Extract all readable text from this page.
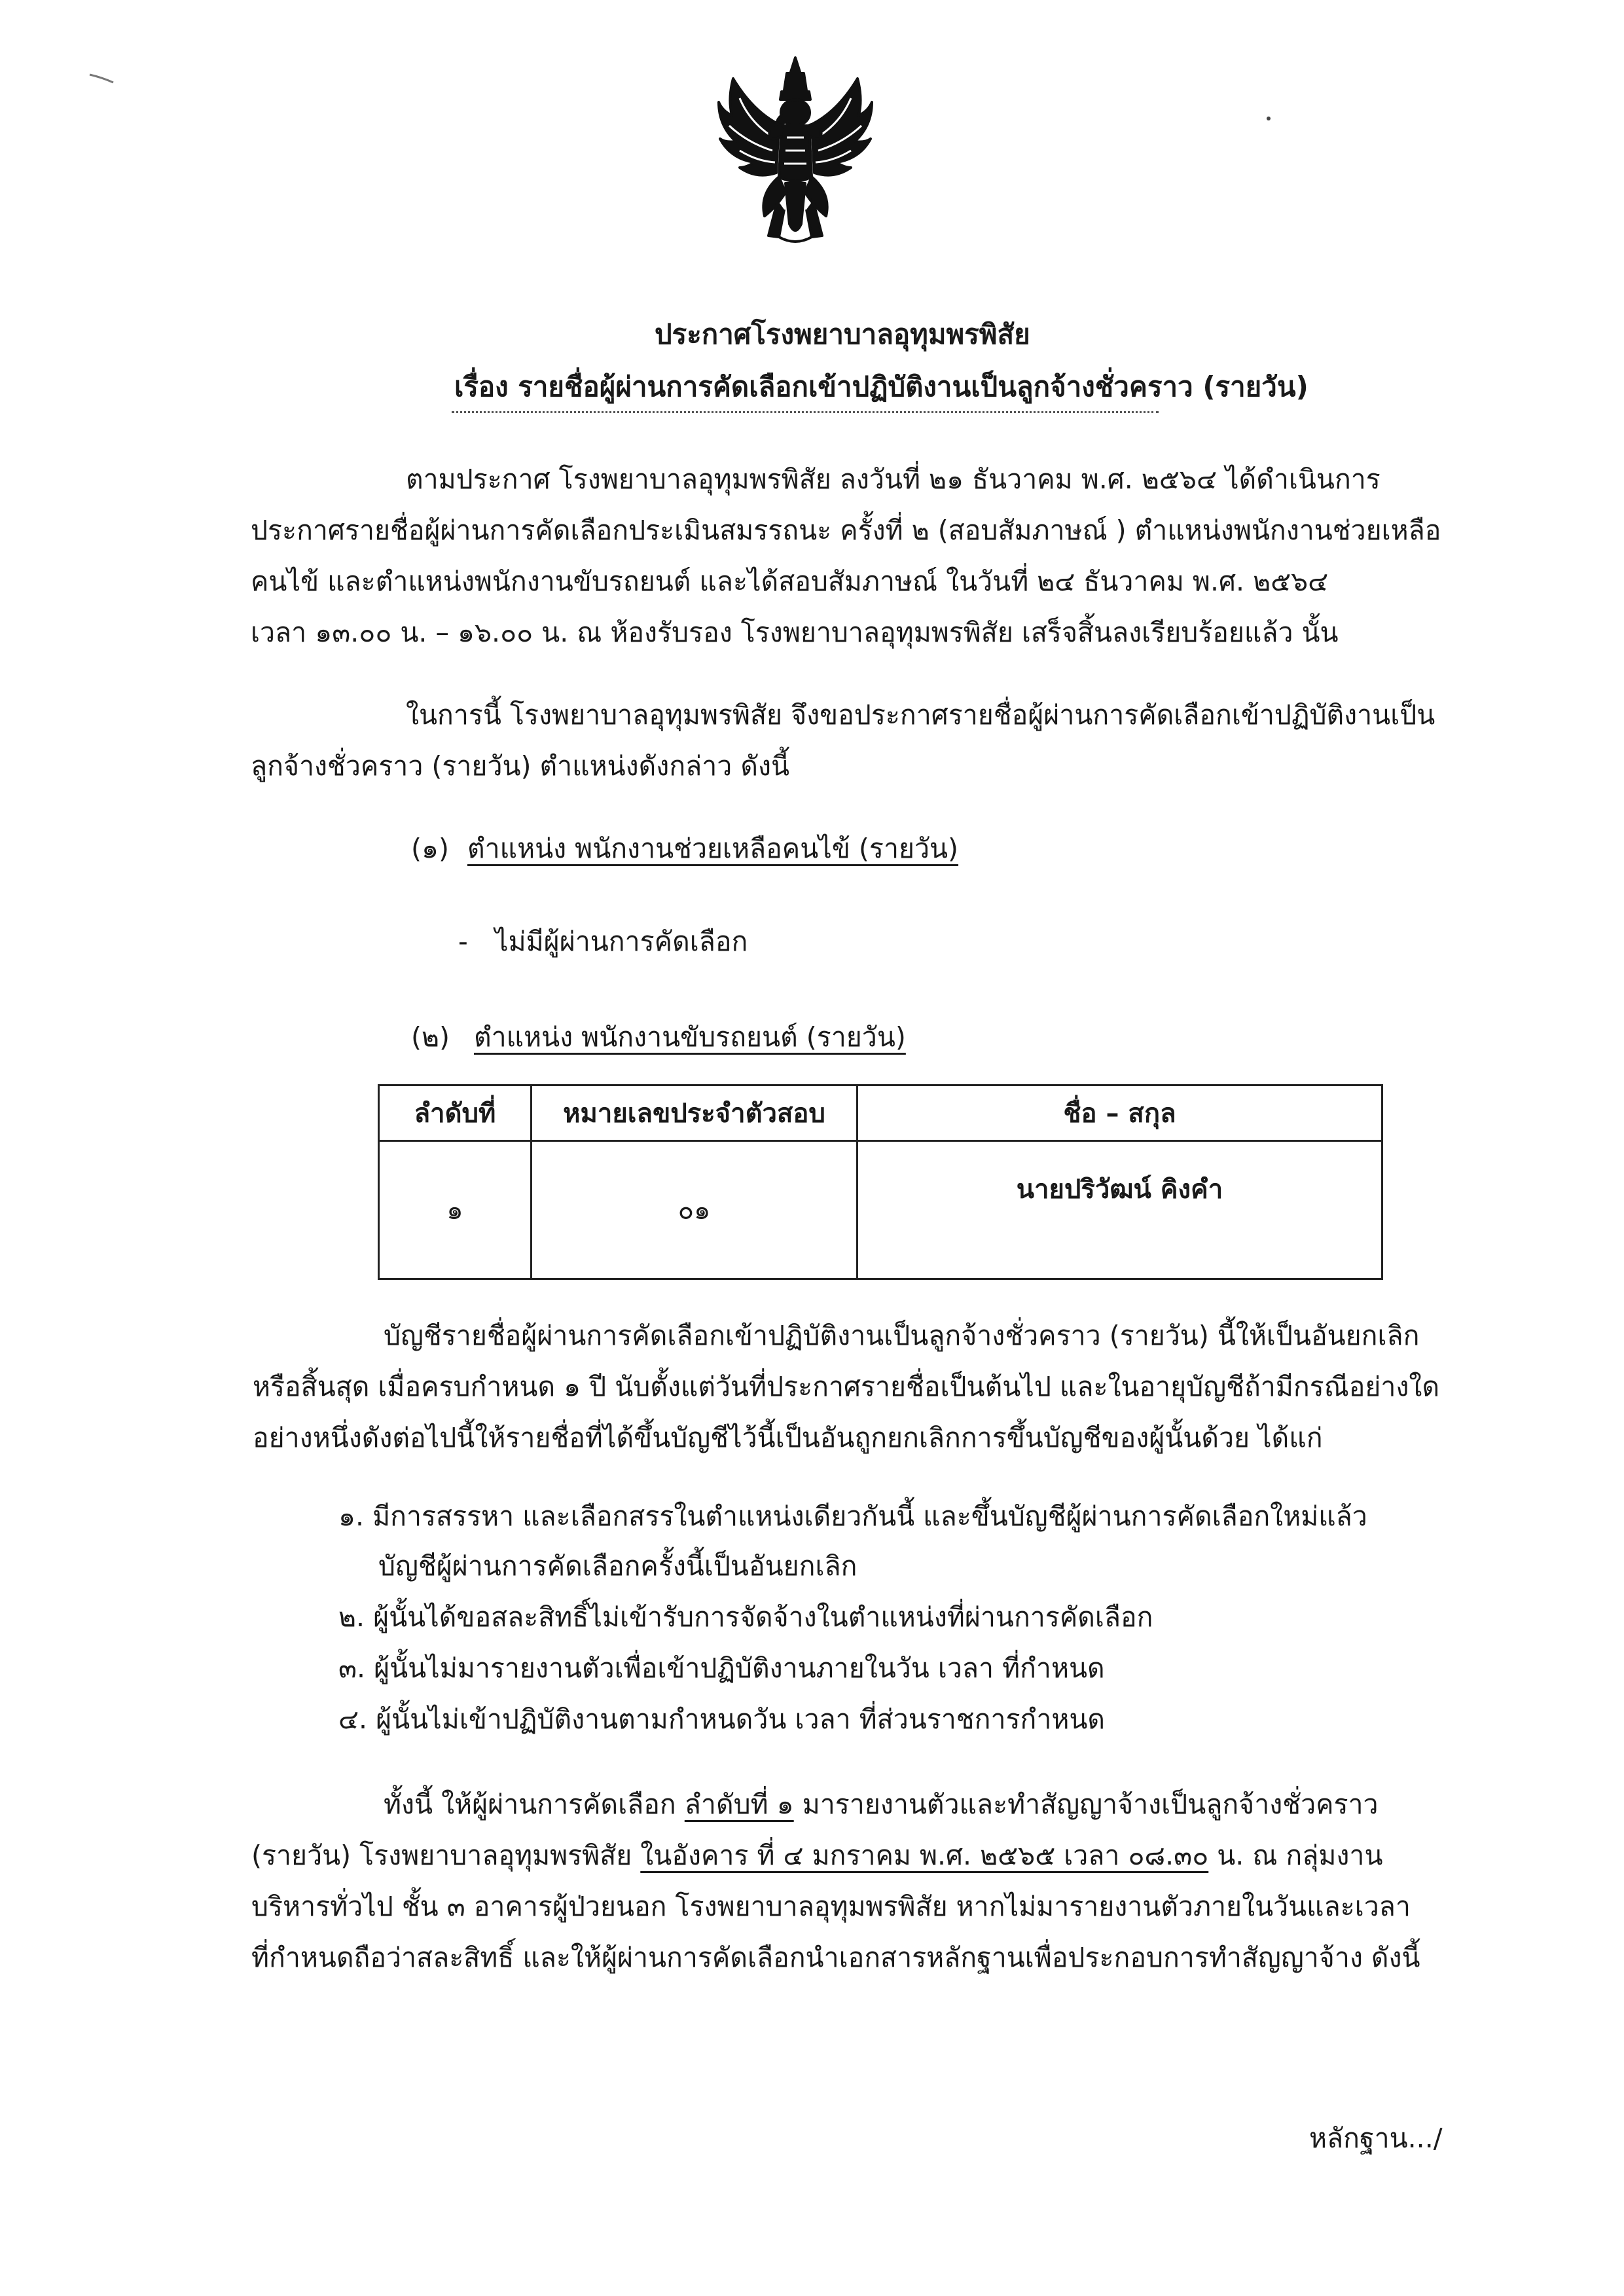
ประกาศโรงพยาบาลอุทุมพรพิสัย

เรื่อง รายชื่อผู้ผ่านการคัดเลือกเข้าปฏิบัติงานเป็นลูกจ้างชั่วคราว (รายวัน)

ตามประกาศ โรงพยาบาลอุทุมพรพิสัย ลงวันที่ ๒๑ ธันวาคม พ.ศ. ๒๕๖๔ ได้ดำเนินการ

ประกาศรายชื่อผู้ผ่านการคัดเลือกประเมินสมรรถนะ ครั้งที่ ๒ (สอบสัมภาษณ์ ) ตำแหน่งพนักงานช่วยเหลือ

คนไข้ และตำแหน่งพนักงานขับรถยนต์ และได้สอบสัมภาษณ์ ในวันที่ ๒๔ ธันวาคม พ.ศ. ๒๕๖๔

เวลา ๑๓.๐๐ น. – ๑๖.๐๐ น. ณ ห้องรับรอง โรงพยาบาลอุทุมพรพิสัย เสร็จสิ้นลงเรียบร้อยแล้ว นั้น

ในการนี้ โรงพยาบาลอุทุมพรพิสัย จึงขอประกาศรายชื่อผู้ผ่านการคัดเลือกเข้าปฏิบัติงานเป็น

ลูกจ้างชั่วคราว (รายวัน) ตำแหน่งดังกล่าว ดังนี้

(๑) ตำแหน่ง พนักงานช่วยเหลือคนไข้ (รายวัน)

- ไม่มีผู้ผ่านการคัดเลือก

(๒) ตำแหน่ง พนักงานขับรถยนต์ (รายวัน)

ลำดับที่	หมายเลขประจำตัวสอบ	ชื่อ – สกุล
๑	๐๑	นายปริวัฒน์ คิงคำ

บัญชีรายชื่อผู้ผ่านการคัดเลือกเข้าปฏิบัติงานเป็นลูกจ้างชั่วคราว (รายวัน) นี้ให้เป็นอันยกเลิก

หรือสิ้นสุด เมื่อครบกำหนด ๑ ปี นับตั้งแต่วันที่ประกาศรายชื่อเป็นต้นไป และในอายุบัญชีถ้ามีกรณีอย่างใด

อย่างหนึ่งดังต่อไปนี้ให้รายชื่อที่ได้ขึ้นบัญชีไว้นี้เป็นอันถูกยกเลิกการขึ้นบัญชีของผู้นั้นด้วย ได้แก่

๑. มีการสรรหา และเลือกสรรในตำแหน่งเดียวกันนี้ และขึ้นบัญชีผู้ผ่านการคัดเลือกใหม่แล้ว

บัญชีผู้ผ่านการคัดเลือกครั้งนี้เป็นอันยกเลิก

๒. ผู้นั้นได้ขอสละสิทธิ์ไม่เข้ารับการจัดจ้างในตำแหน่งที่ผ่านการคัดเลือก

๓. ผู้นั้นไม่มารายงานตัวเพื่อเข้าปฏิบัติงานภายในวัน เวลา ที่กำหนด

๔. ผู้นั้นไม่เข้าปฏิบัติงานตามกำหนดวัน เวลา ที่ส่วนราชการกำหนด

ทั้งนี้ ให้ผู้ผ่านการคัดเลือก ลำดับที่ ๑ มารายงานตัวและทำสัญญาจ้างเป็นลูกจ้างชั่วคราว

(รายวัน) โรงพยาบาลอุทุมพรพิสัย ในอังคาร ที่ ๔ มกราคม พ.ศ. ๒๕๖๕ เวลา ๐๘.๓๐ น. ณ กลุ่มงาน

บริหารทั่วไป ชั้น ๓ อาคารผู้ป่วยนอก โรงพยาบาลอุทุมพรพิสัย หากไม่มารายงานตัวภายในวันและเวลา

ที่กำหนดถือว่าสละสิทธิ์ และให้ผู้ผ่านการคัดเลือกนำเอกสารหลักฐานเพื่อประกอบการทำสัญญาจ้าง ดังนี้

หลักฐาน.../
